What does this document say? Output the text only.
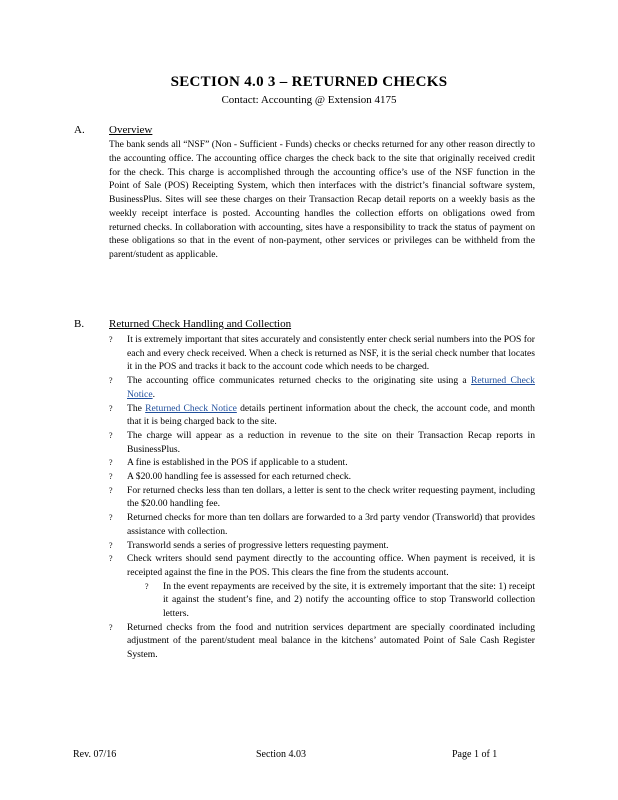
SECTION 4.0 3 – RETURNED CHECKS
Contact: Accounting @ Extension 4175
A. Overview
The bank sends all “NSF” (Non - Sufficient - Funds) checks or checks returned for any other reason directly to the accounting office. The accounting office charges the check back to the site that originally received credit for the check. This charge is accomplished through the accounting office’s use of the NSF function in the Point of Sale (POS) Receipting System, which then interfaces with the district’s financial software system, BusinessPlus. Sites will see these charges on their Transaction Recap detail reports on a weekly basis as the weekly receipt interface is posted. Accounting handles the collection efforts on obligations owed from returned checks. In collaboration with accounting, sites have a responsibility to track the status of payment on these obligations so that in the event of non-payment, other services or privileges can be withheld from the parent/student as applicable.
B. Returned Check Handling and Collection
? It is extremely important that sites accurately and consistently enter check serial numbers into the POS for each and every check received. When a check is returned as NSF, it is the serial check number that locates it in the POS and tracks it back to the account code which needs to be charged.
? The accounting office communicates returned checks to the originating site using a Returned Check Notice.
? The Returned Check Notice details pertinent information about the check, the account code, and month that it is being charged back to the site.
? The charge will appear as a reduction in revenue to the site on their Transaction Recap reports in BusinessPlus.
? A fine is established in the POS if applicable to a student.
? A $20.00 handling fee is assessed for each returned check.
? For returned checks less than ten dollars, a letter is sent to the check writer requesting payment, including the $20.00 handling fee.
? Returned checks for more than ten dollars are forwarded to a 3rd party vendor (Transworld) that provides assistance with collection.
? Transworld sends a series of progressive letters requesting payment.
? Check writers should send payment directly to the accounting office. When payment is received, it is receipted against the fine in the POS. This clears the fine from the students account.
? In the event repayments are received by the site, it is extremely important that the site: 1) receipt it against the student’s fine, and 2) notify the accounting office to stop Transworld collection letters.
? Returned checks from the food and nutrition services department are specially coordinated including adjustment of the parent/student meal balance in the kitchens’ automated Point of Sale Cash Register System.
Rev. 07/16	Section 4.03	Page 1 of 1
